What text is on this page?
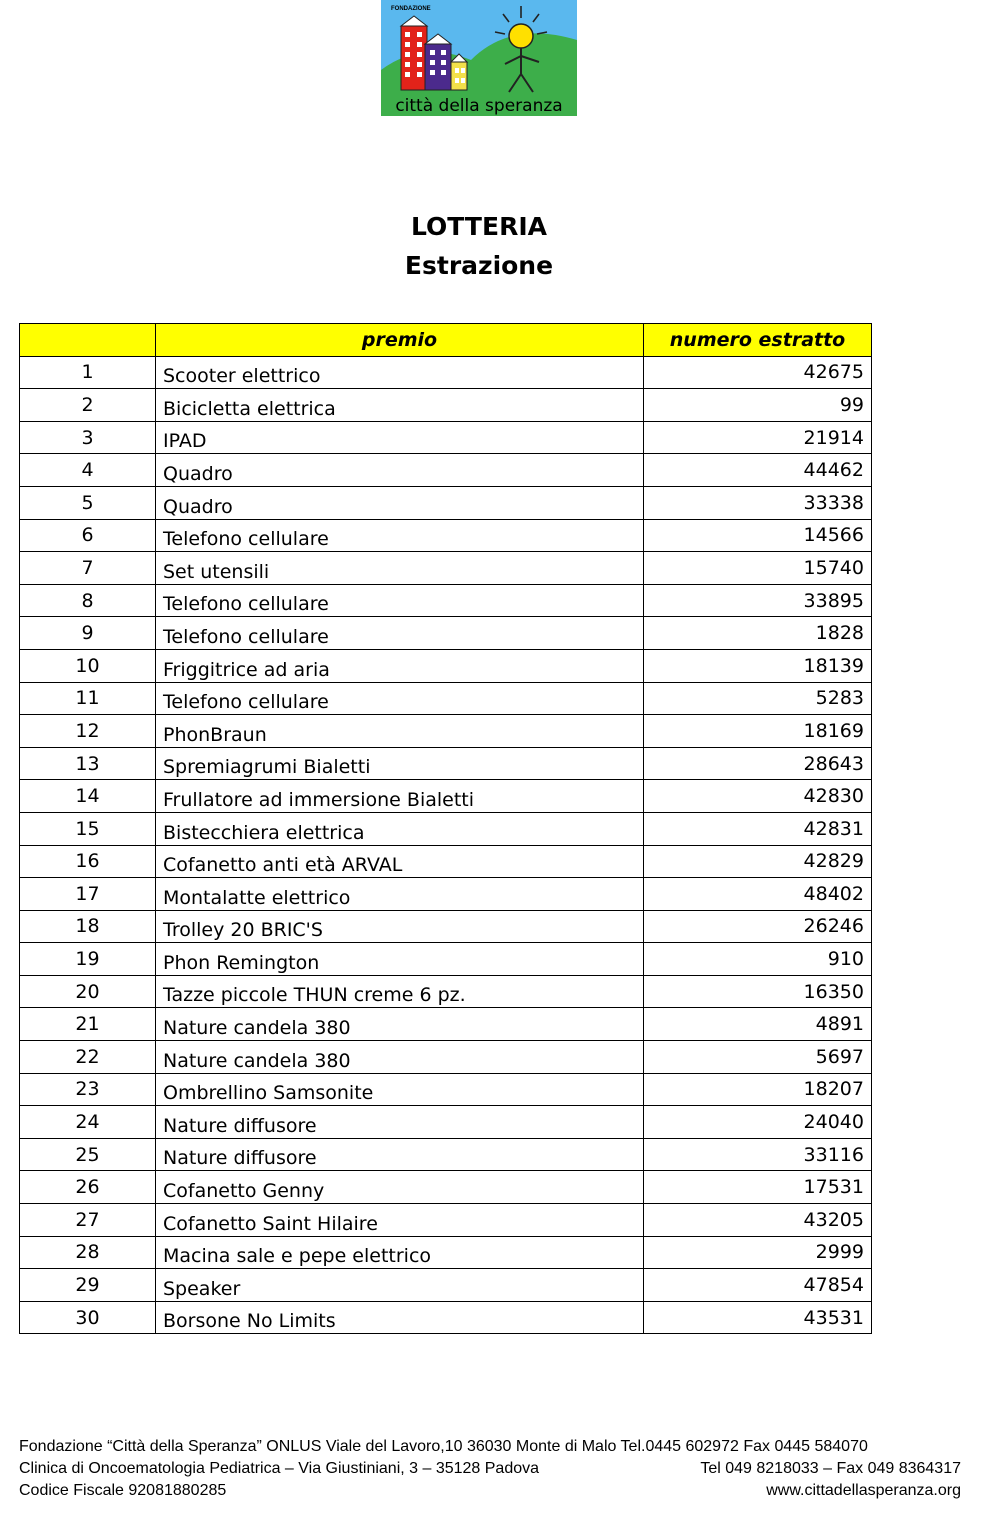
FONDAZIONE
città della speranza
LOTTERIA
Estrazione
	premio	numero estratto
1	Scooter elettrico	42675
2	Bicicletta elettrica	99
3	IPAD	21914
4	Quadro	44462
5	Quadro	33338
6	Telefono cellulare	14566
7	Set utensili	15740
8	Telefono cellulare	33895
9	Telefono cellulare	1828
10	Friggitrice ad aria	18139
11	Telefono cellulare	5283
12	PhonBraun	18169
13	Spremiagrumi Bialetti	28643
14	Frullatore ad immersione Bialetti	42830
15	Bistecchiera elettrica	42831
16	Cofanetto anti età ARVAL	42829
17	Montalatte elettrico	48402
18	Trolley 20 BRIC'S	26246
19	Phon Remington	910
20	Tazze piccole THUN creme 6 pz.	16350
21	Nature candela 380	4891
22	Nature candela 380	5697
23	Ombrellino Samsonite	18207
24	Nature diffusore	24040
25	Nature diffusore	33116
26	Cofanetto Genny	17531
27	Cofanetto Saint Hilaire	43205
28	Macina sale e pepe elettrico	2999
29	Speaker	47854
30	Borsone No Limits	43531
Fondazione “Città della Speranza” ONLUS Viale del Lavoro,10 36030 Monte di Malo Tel.0445 602972 Fax 0445 584070
Clinica di Oncoematologia Pediatrica – Via Giustiniani, 3 – 35128 Padova	Tel 049 8218033 – Fax 049 8364317
Codice Fiscale 92081880285	www.cittadellasperanza.org
